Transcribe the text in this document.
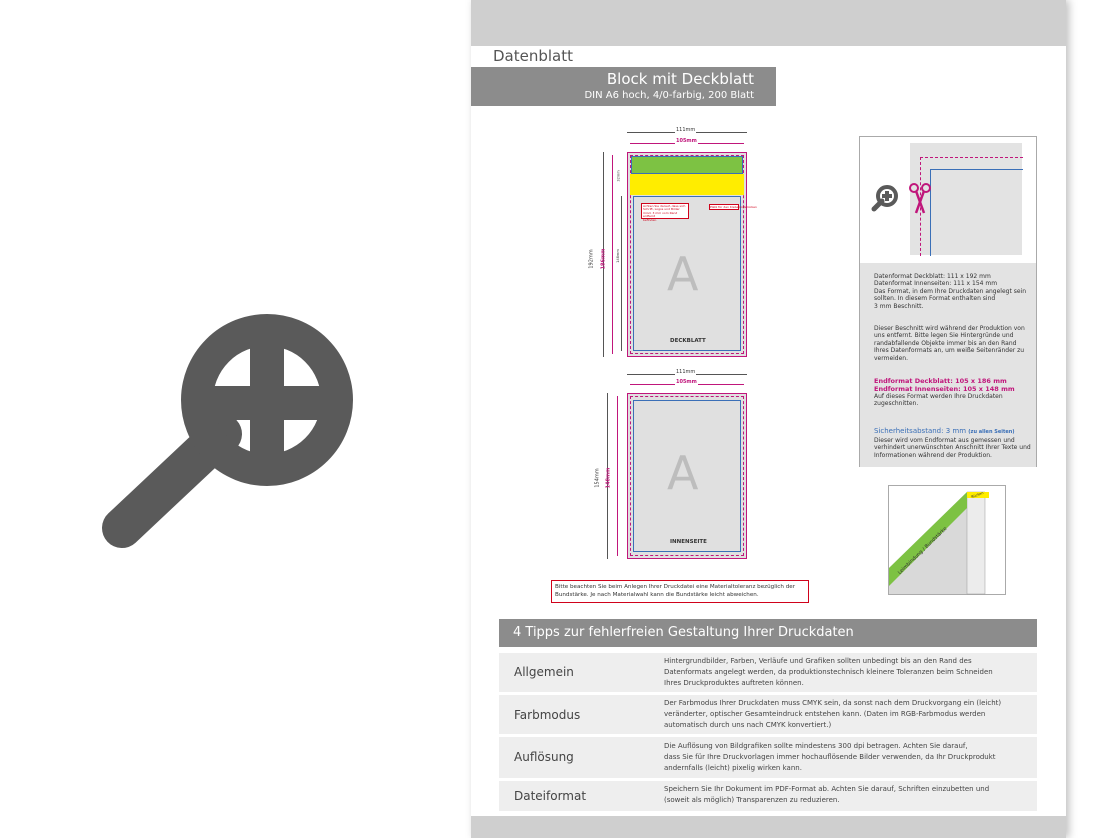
Datenblatt
Block mit Deckblatt
DIN A6 hoch, 4/0-farbig, 200 Blatt
111mm
105mm
Achten Sie darauf, dass sich
Schrift, Logos und Bilder
mind. 3 mm vom Rand entfernt
befinden.
Platz für den Klebebinderücken
A
DECKBLATT
192mm 186mm	148mm
32mm
111mm
105mm
A
INNENSEITE
154mm 148mm
Bitte beachten Sie beim Anlegen Ihrer Druckdatei eine Materialtoleranz bezüglich der Bundstärke. Je nach Materialwahl kann die Bundstärke leicht abweichen.
Datenformat Deckblatt: 111 x 192 mm
Datenformat Innenseiten: 111 x 154 mm
Das Format, in dem Ihre Druckdaten angelegt sein
sollten. In diesem Format enthalten sind
3 mm Beschnitt.
Dieser Beschnitt wird während der Produktion von
uns entfernt. Bitte legen Sie Hintergründe und
randabfallende Objekte immer bis an den Rand
Ihres Datenformats an, um weiße Seitenränder zu
vermeiden.
Endformat Deckblatt: 105 x 186 mm
Endformat Innenseiten: 105 x 148 mm
Auf dieses Format werden Ihre Druckdaten
zugeschnitten.
Sicherheitsabstand: 3 mm (zu allen Seiten)
Dieser wird vom Endformat aus gemessen und
verhindert unerwünschten Anschnitt Ihrer Texte und
Informationen während der Produktion.
Leimbindung / Bundstärke
Rücken
4 Tipps zur fehlerfreien Gestaltung Ihrer Druckdaten
Allgemein
Hintergrundbilder, Farben, Verläufe und Grafiken sollten unbedingt bis an den Rand des
Datenformats angelegt werden, da produktionstechnisch kleinere Toleranzen beim Schneiden
Ihres Druckproduktes auftreten können.
Farbmodus
Der Farbmodus Ihrer Druckdaten muss CMYK sein, da sonst nach dem Druckvorgang ein (leicht)
veränderter, optischer Gesamteindruck entstehen kann. (Daten im RGB-Farbmodus werden
automatisch durch uns nach CMYK konvertiert.)
Auflösung
Die Auflösung von Bildgrafiken sollte mindestens 300 dpi betragen. Achten Sie darauf,
dass Sie für Ihre Druckvorlagen immer hochauflösende Bilder verwenden, da Ihr Druckprodukt
andernfalls (leicht) pixelig wirken kann.
Dateiformat	Speichern Sie Ihr Dokument im PDF-Format ab. Achten Sie darauf, Schriften einzubetten und
(soweit als möglich) Transparenzen zu reduzieren.
